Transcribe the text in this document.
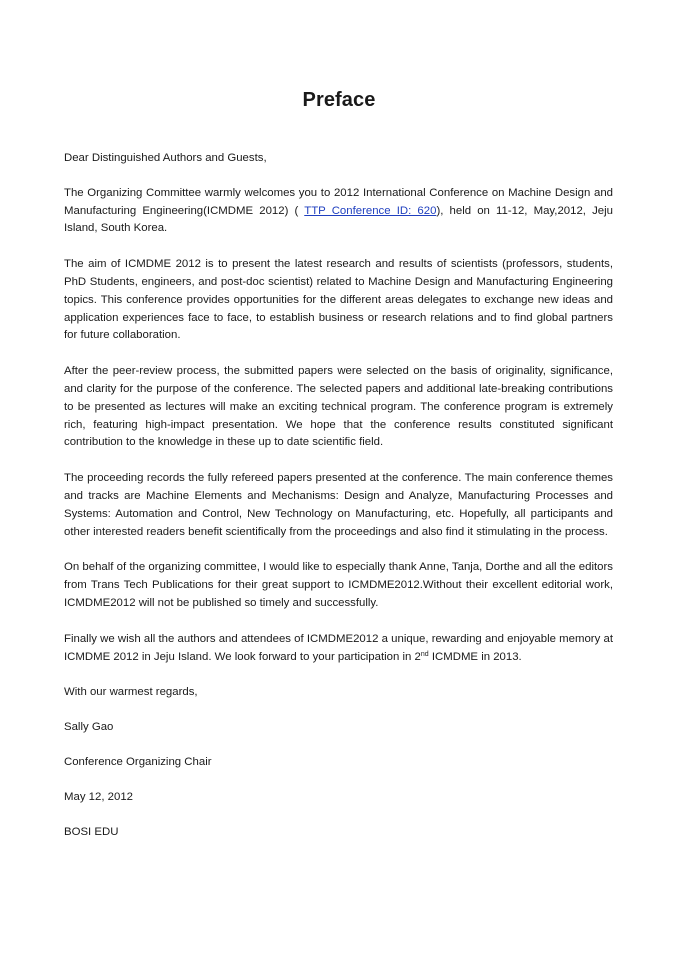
Preface

Dear Distinguished Authors and Guests,

The Organizing Committee warmly welcomes you to 2012 International Conference on Machine Design and Manufacturing Engineering(ICMDME 2012) ( TTP Conference ID: 620), held on 11-12, May,2012, Jeju Island, South Korea.

The aim of ICMDME 2012 is to present the latest research and results of scientists (professors, students, PhD Students, engineers, and post-doc scientist) related to Machine Design and Manufacturing Engineering topics. This conference provides opportunities for the different areas delegates to exchange new ideas and application experiences face to face, to establish business or research relations and to find global partners for future collaboration.

After the peer-review process, the submitted papers were selected on the basis of originality, significance, and clarity for the purpose of the conference. The selected papers and additional late-breaking contributions to be presented as lectures will make an exciting technical program. The conference program is extremely rich, featuring high-impact presentation. We hope that the conference results constituted significant contribution to the knowledge in these up to date scientific field.

The proceeding records the fully refereed papers presented at the conference. The main conference themes and tracks are Machine Elements and Mechanisms: Design and Analyze, Manufacturing Processes and Systems: Automation and Control, New Technology on Manufacturing, etc. Hopefully, all participants and other interested readers benefit scientifically from the proceedings and also find it stimulating in the process.

On behalf of the organizing committee, I would like to especially thank Anne, Tanja, Dorthe and all the editors from Trans Tech Publications for their great support to ICMDME2012.Without their excellent editorial work, ICMDME2012 will not be published so timely and successfully.

Finally we wish all the authors and attendees of ICMDME2012 a unique, rewarding and enjoyable memory at ICMDME 2012 in Jeju Island. We look forward to your participation in 2nd ICMDME in 2013.

With our warmest regards,

Sally Gao

Conference Organizing Chair

May 12, 2012

BOSI EDU
